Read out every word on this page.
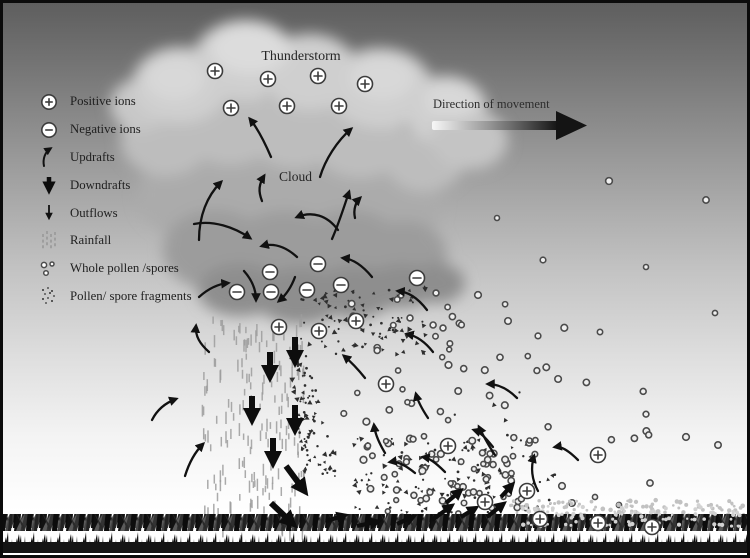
Thunderstorm
Cloud
Direction of movement
Positive ions
Negative ions
Updrafts
Downdrafts
Outflows
Rainfall
Whole pollen /spores
Pollen/ spore fragments
